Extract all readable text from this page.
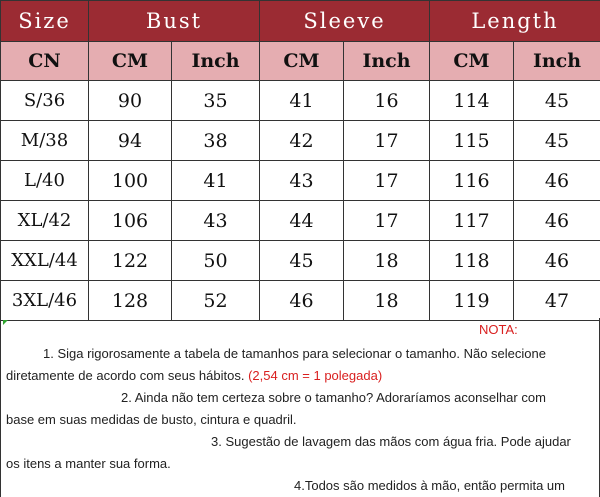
Size	Bust		Sleeve		Length	
CN	CM	Inch	CM	Inch	CM	Inch
S/36	90	35	41	16	114	45
M/38	94	38	42	17	115	45
L/40	100	41	43	17	116	46
XL/42	106	43	44	17	117	46
XXL/44	122	50	45	18	118	46
3XL/46	128	52	46	18	119	47
NOTA:
1. Siga rigorosamente a tabela de tamanhos para selecionar o tamanho. Não selecione
diretamente de acordo com seus hábitos. (2,54 cm = 1 polegada)
2. Ainda não tem certeza sobre o tamanho? Adoraríamos aconselhar com
base em suas medidas de busto, cintura e quadril.
3. Sugestão de lavagem das mãos com água fria. Pode ajudar
os itens a manter sua forma.
4.Todos são medidos à mão, então permita um
